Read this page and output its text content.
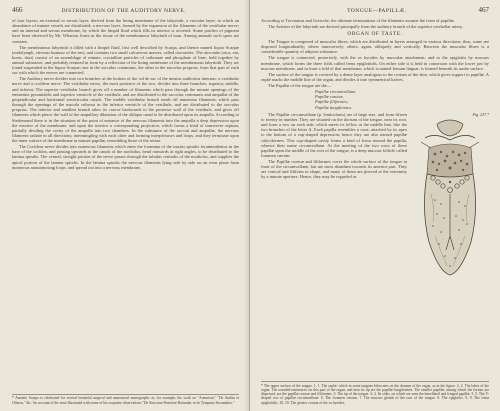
466	DISTRIBUTION OF THE AUDITORY NERVE.

of four layers; an external or serous layer, derived from the lining membrane of the labyrinth; a vascular layer, in which an abundance of minute vessels are distributed; a nervous layer, formed by the expansion of the filaments of the vestibular nerve; and an internal and serous membrane, by which the limpid fluid which fills its interior is secreted. Some patches of pigment have been observed by Mr. Wharton Jones in the tissue of the membranous labyrinth of man. Among animals such spots are constant.

The membranous labyrinth is filled with a limpid fluid, first well described by Scarpa, and thence named liquor Scarpæ (endolymph, vitreous humour of the ear), and contains two small calcareous masses, called otoconites. The otoconite (otos, ear, konis, dust) consist of an assemblage of minute, crystalline particles of carbonate and phosphate of lime, held together by animal substance, and probably retained in form by a reflection of the lining membrane of the membranous labyrinth. They are found suspended in the liquor Scarpæ; one in the sacculus communis, the other in the sacculus proprius, from that part of each sac with which the nerves are connected.

The Auditory nerve divides into two branches at the bottom of the cul de sac of the meatus auditorius internus: a vestibular nerve and a cochlear nerve. The vestibular nerve, the most posterior of the two, divides into three branches, superior, middle, and inferior. The superior vestibular branch gives off a number of filaments which pass through the minute openings of the eminentia pyramidalis and superior ventricle of the vestibule, and are distributed to the sacculus communis and ampullæ of the perpendicular and horizontal semicircular canals. The middle vestibular branch sends off numerous filaments, which pass through the openings of the macula cribrosa in the inferior ventricle of the vestibule, and are distributed to the sacculus proprius. The inferior and smallest branch takes its course backwards to the posterior wall of the vestibule, and gives off filaments which pierce the wall of the ampullary dilatation of the oblique canal to be distributed upon its ampulla. According to Steifensand there is in the situation of the point of entrance of the nervous filaments into the ampulla a deep depression upon the exterior of the membrane, and upon the interior a corresponding projection, which forms a kind of transverse septum, partially dividing the cavity of the ampulla into two chambers. In the substance of the saccuti and ampullæ, the nervous filaments radiate in all directions; intermingling with each other and forming interplexuses and loops, and they terminate upon the inner surface of the membrane in minute papillæ, resembling those of the retina.

The Cochlear nerve divides into numerous filaments which enter the foramina of the tractus spiralis foraminulentus in the base of the cochlea, and passing upwards in the canals of the modiolus, bend outwards at right angles, to be distributed to the lamina spiralis. The central, straight portion of the nerve passes through the tubulus centralis of the modiolus, and supplies the apical portion of the lamina spiralis. In the lamina spiralis the nervous filaments lying side by side on an even plane form numerous anastomosing loops, and spread out into a nervous membrane.

* Antonio Scarpa is celebrated for several beautiful surgical and anatomical monographs; as, for example, his work on "Aneurism," "De Auditu et Olfactu," &c. An account of the nose illustrated with some of his exquisite observations "De Structura Fenestræ Rotundæ, et de Tympano Secundario."
TONGUE—PAPILLÆ.	467

According to Treviranus and Gottsche, the ultimate terminations of the filaments assume the form of papillæ.

The Arteries of the labyrinth are derived principally from the auditory branch of the superior cerebellar artery.

ORGAN OF TASTE.

The Tongue is composed of muscular fibres, which are distributed in layers arranged in various directions; thus, some are disposed longitudinally; others transversely; others, again, obliquely and vertically. Between the muscular fibres is a considerable quantity of adipose substance.

The tongue is connected, posteriorly, with the os hyoides by muscular attachment; and to the epiglottis by mucous membrane, which forms the three folds called frena epiglottidis. On either side it is held in connexion with the lower jaw by mucous membrane, and in front a fold of that membrane, which is named frenum linguæ, is formed beneath its under surface.

The surface of the tongue is covered by a dense layer analogous to the corium of the skin, which gives support to papillæ. A raphé marks the middle line of the organ, and divides it into symmetrical halves.

The Papillæ of the tongue are the—

Papillæ circumvallatæ,
Papillæ conicæ,
Papillæ filiformes,
Papillæ fungiformes.
Fig. 237.*

The Papillæ circumvallatæ (p. lenticulares) are of large size, and from fifteen to twenty in number. They are situated on the dorsum of the tongue, near its root, and form a row on each side, which meets its fellow at the middle line, like the two branches of the letter A. Each papilla resembles a cone, attached by its apex to the bottom of a cup-shaped depression; hence they are also named papillæ calyciformes. This cup-shaped cavity forms a kind of fossa around the papilla, whence their name circumvallatæ. At the meeting of the two rows of these papillæ upon the middle of the root of the tongue, is a deep mucous follicle called foramen cæcum.

The Papillæ conicæ and filiformes cover the whole surface of the tongue in front of the circumvallatæ, but are most abundant towards its anterior part. They are conical and filiform in shape, and many of them are pierced at the extremity by a minute aperture. Hence, they may be regarded as

* The upper surface of the tongue. 1, 1. The raphé, which in some tongues bifurcates on the dorsum of the organ, as in the figure. 2, 2. The lobes of the organ. The rounded eminences on this part of the organ, and near its tip are the papillæ fungiformes. The smaller papillæ, among which the former are dispersed, are the papillæ conicæ and filiformes. 3. The tip of the tongue. 4, 4. Its sides, on which are seen the lamellated and fringed papillæ. 5, 5. The V-shaped row of papillæ circumvallatæ. 6. The foramen cæcum. 7. The mucous glands of the root of the tongue. 8. The epiglottis. 9, 9. The frena epiglottidis. 10, 10. The greater cornua of the os hyoides.
